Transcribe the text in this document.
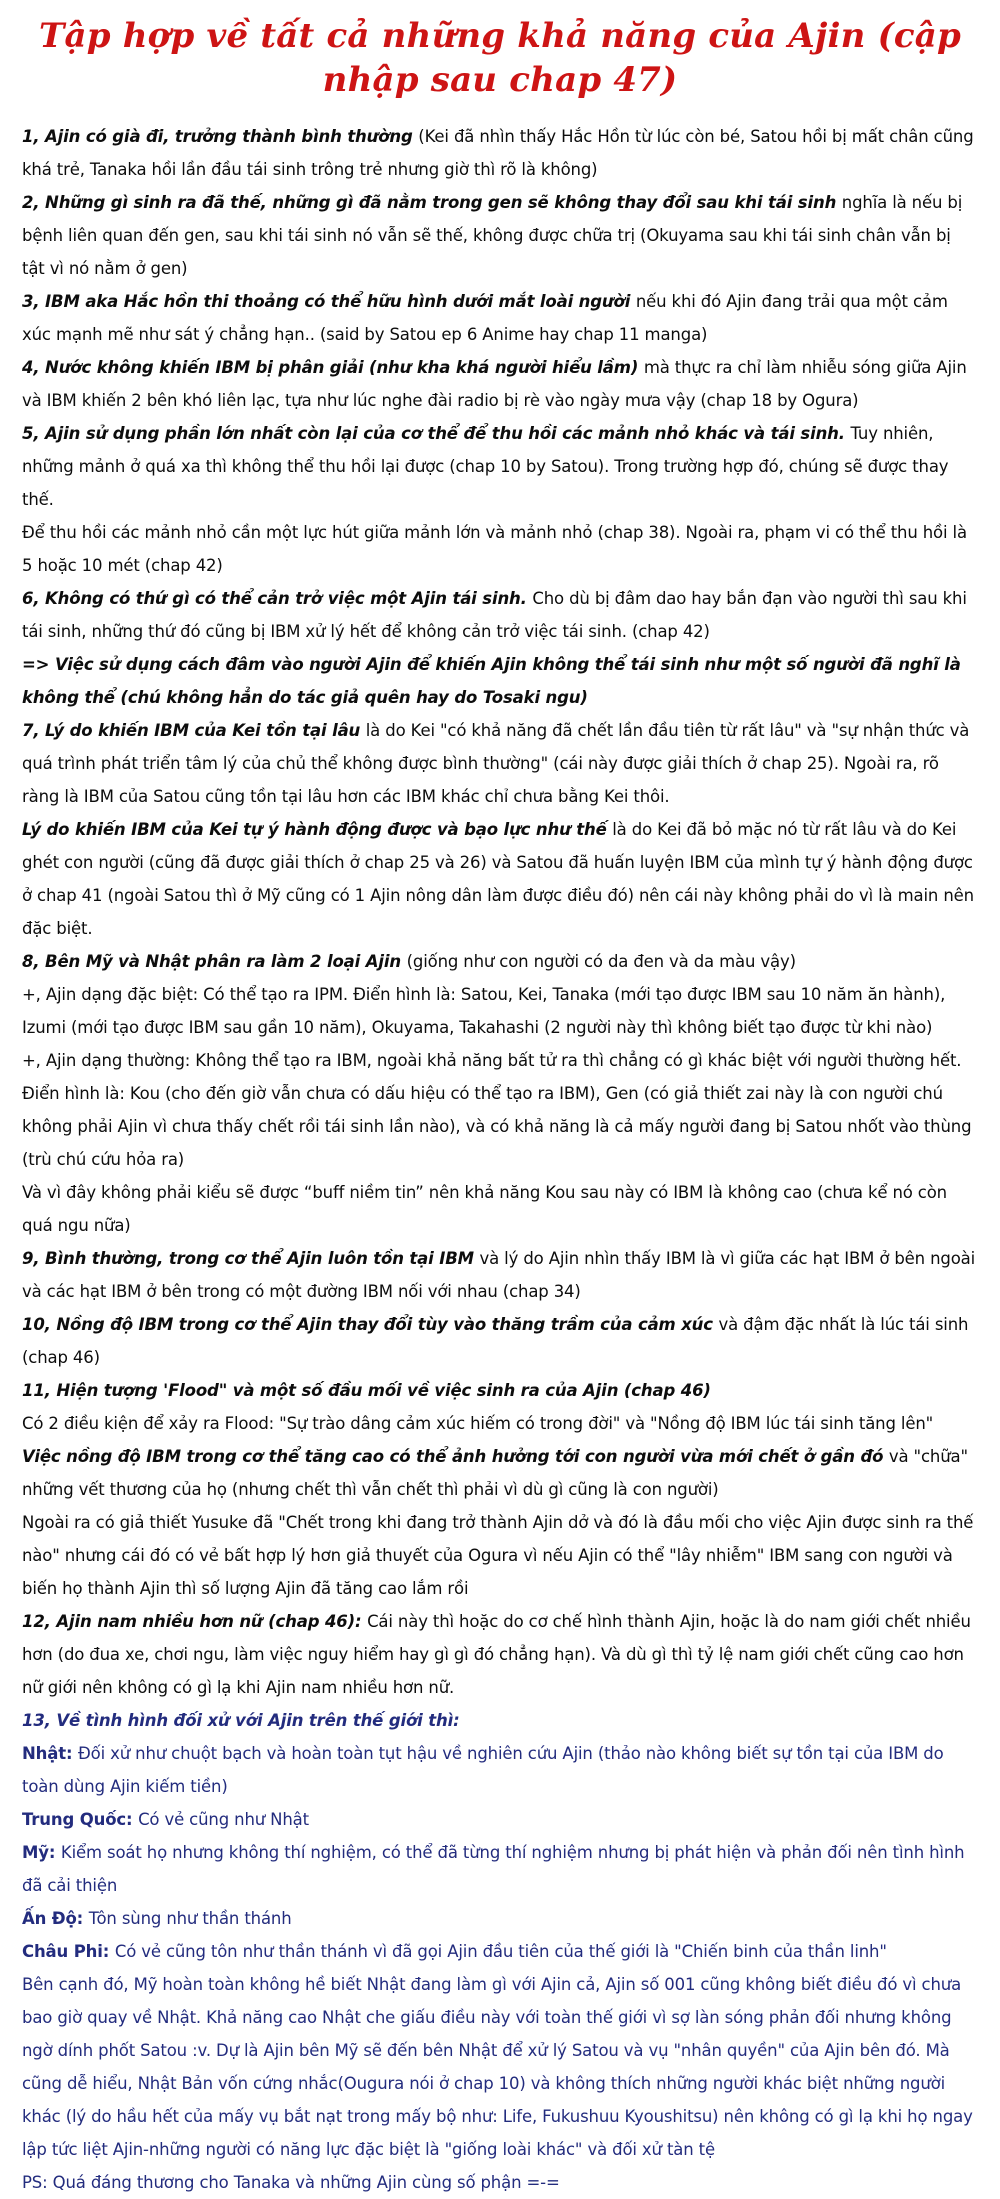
Tập hợp về tất cả những khả năng của Ajin (cập nhập sau chap 47)
1, Ajin có già đi, trưởng thành bình thường (Kei đã nhìn thấy Hắc Hồn từ lúc còn bé, Satou hồi bị mất chân cũng khá trẻ, Tanaka hồi lần đầu tái sinh trông trẻ nhưng giờ thì rõ là không)
2, Những gì sinh ra đã thế, những gì đã nằm trong gen sẽ không thay đổi sau khi tái sinh nghĩa là nếu bị bệnh liên quan đến gen, sau khi tái sinh nó vẫn sẽ thế, không được chữa trị (Okuyama sau khi tái sinh chân vẫn bị tật vì nó nằm ở gen)
3, IBM aka Hắc hồn thi thoảng có thể hữu hình dưới mắt loài người nếu khi đó Ajin đang trải qua một cảm xúc mạnh mẽ như sát ý chẳng hạn.. (said by Satou ep 6 Anime hay chap 11 manga)
4, Nước không khiến IBM bị phân giải (như kha khá người hiểu lầm) mà thực ra chỉ làm nhiễu sóng giữa Ajin và IBM khiến 2 bên khó liên lạc, tựa như lúc nghe đài radio bị rè vào ngày mưa vậy (chap 18 by Ogura)
5, Ajin sử dụng phần lớn nhất còn lại của cơ thể để thu hồi các mảnh nhỏ khác và tái sinh. Tuy nhiên, những mảnh ở quá xa thì không thể thu hồi lại được (chap 10 by Satou). Trong trường hợp đó, chúng sẽ được thay thế.
Để thu hồi các mảnh nhỏ cần một lực hút giữa mảnh lớn và mảnh nhỏ (chap 38). Ngoài ra, phạm vi có thể thu hồi là 5 hoặc 10 mét (chap 42)
6, Không có thứ gì có thể cản trở việc một Ajin tái sinh. Cho dù bị đâm dao hay bắn đạn vào người thì sau khi tái sinh, những thứ đó cũng bị IBM xử lý hết để không cản trở việc tái sinh. (chap 42)
=> Việc sử dụng cách đâm vào người Ajin để khiến Ajin không thể tái sinh như một số người đã nghĩ là không thể (chú không hẳn do tác giả quên hay do Tosaki ngu)
7, Lý do khiến IBM của Kei tồn tại lâu là do Kei "có khả năng đã chết lần đầu tiên từ rất lâu" và "sự nhận thức và quá trình phát triển tâm lý của chủ thể không được bình thường" (cái này được giải thích ở chap 25). Ngoài ra, rõ ràng là IBM của Satou cũng tồn tại lâu hơn các IBM khác chỉ chưa bằng Kei thôi.
Lý do khiến IBM của Kei tự ý hành động được và bạo lực như thế là do Kei đã bỏ mặc nó từ rất lâu và do Kei ghét con người (cũng đã được giải thích ở chap 25 và 26) và Satou đã huấn luyện IBM của mình tự ý hành động được ở chap 41 (ngoài Satou thì ở Mỹ cũng có 1 Ajin nông dân làm được điều đó) nên cái này không phải do vì là main nên đặc biệt.
8, Bên Mỹ và Nhật phân ra làm 2 loại Ajin (giống như con người có da đen và da màu vậy)
+, Ajin dạng đặc biệt: Có thể tạo ra IPM. Điển hình là: Satou, Kei, Tanaka (mới tạo được IBM sau 10 năm ăn hành), Izumi (mới tạo được IBM sau gần 10 năm), Okuyama, Takahashi (2 người này thì không biết tạo được từ khi nào)
+, Ajin dạng thường: Không thể tạo ra IBM, ngoài khả năng bất tử ra thì chẳng có gì khác biệt với người thường hết. Điển hình là: Kou (cho đến giờ vẫn chưa có dấu hiệu có thể tạo ra IBM), Gen (có giả thiết zai này là con người chú không phải Ajin vì chưa thấy chết rồi tái sinh lần nào), và có khả năng là cả mấy người đang bị Satou nhốt vào thùng (trù chú cứu hỏa ra)
Và vì đây không phải kiểu sẽ được “buff niềm tin” nên khả năng Kou sau này có IBM là không cao (chưa kể nó còn quá ngu nữa)
9, Bình thường, trong cơ thể Ajin luôn tồn tại IBM và lý do Ajin nhìn thấy IBM là vì giữa các hạt IBM ở bên ngoài và các hạt IBM ở bên trong có một đường IBM nối với nhau (chap 34)
10, Nồng độ IBM trong cơ thể Ajin thay đổi tùy vào thăng trầm của cảm xúc và đậm đặc nhất là lúc tái sinh (chap 46)
11, Hiện tượng 'Flood" và một số đầu mối về việc sinh ra của Ajin (chap 46)
Có 2 điều kiện để xảy ra Flood: "Sự trào dâng cảm xúc hiếm có trong đời" và "Nồng độ IBM lúc tái sinh tăng lên"
Việc nồng độ IBM trong cơ thể tăng cao có thể ảnh hưởng tới con người vừa mới chết ở gần đó và "chữa" những vết thương của họ (nhưng chết thì vẫn chết thì phải vì dù gì cũng là con người)
Ngoài ra có giả thiết Yusuke đã "Chết trong khi đang trở thành Ajin dở và đó là đầu mối cho việc Ajin được sinh ra thế nào" nhưng cái đó có vẻ bất hợp lý hơn giả thuyết của Ogura vì nếu Ajin có thể "lây nhiễm" IBM sang con người và biến họ thành Ajin thì số lượng Ajin đã tăng cao lắm rồi
12, Ajin nam nhiều hơn nữ (chap 46): Cái này thì hoặc do cơ chế hình thành Ajin, hoặc là do nam giới chết nhiều hơn (do đua xe, chơi ngu, làm việc nguy hiểm hay gì gì đó chẳng hạn). Và dù gì thì tỷ lệ nam giới chết cũng cao hơn nữ giới nên không có gì lạ khi Ajin nam nhiều hơn nữ.
13, Về tình hình đối xử với Ajin trên thế giới thì:
Nhật: Đối xử như chuột bạch và hoàn toàn tụt hậu về nghiên cứu Ajin (thảo nào không biết sự tồn tại của IBM do toàn dùng Ajin kiếm tiền)
Trung Quốc: Có vẻ cũng như Nhật
Mỹ: Kiểm soát họ nhưng không thí nghiệm, có thể đã từng thí nghiệm nhưng bị phát hiện và phản đối nên tình hình đã cải thiện
Ấn Độ: Tôn sùng như thần thánh
Châu Phi: Có vẻ cũng tôn như thần thánh vì đã gọi Ajin đầu tiên của thế giới là "Chiến binh của thần linh"
Bên cạnh đó, Mỹ hoàn toàn không hề biết Nhật đang làm gì với Ajin cả, Ajin số 001 cũng không biết điều đó vì chưa bao giờ quay về Nhật. Khả năng cao Nhật che giấu điều này với toàn thế giới vì sợ làn sóng phản đối nhưng không ngờ dính phốt Satou :v. Dự là Ajin bên Mỹ sẽ đến bên Nhật để xử lý Satou và vụ "nhân quyền" của Ajin bên đó. Mà cũng dễ hiểu, Nhật Bản vốn cứng nhắc(Ougura nói ở chap 10) và không thích những người khác biệt những người khác (lý do hầu hết của mấy vụ bắt nạt trong mấy bộ như: Life, Fukushuu Kyoushitsu) nên không có gì lạ khi họ ngay lập tức liệt Ajin-những người có năng lực đặc biệt là "giống loài khác" và đối xử tàn tệ
PS: Quá đáng thương cho Tanaka và những Ajin cùng số phận =-=
